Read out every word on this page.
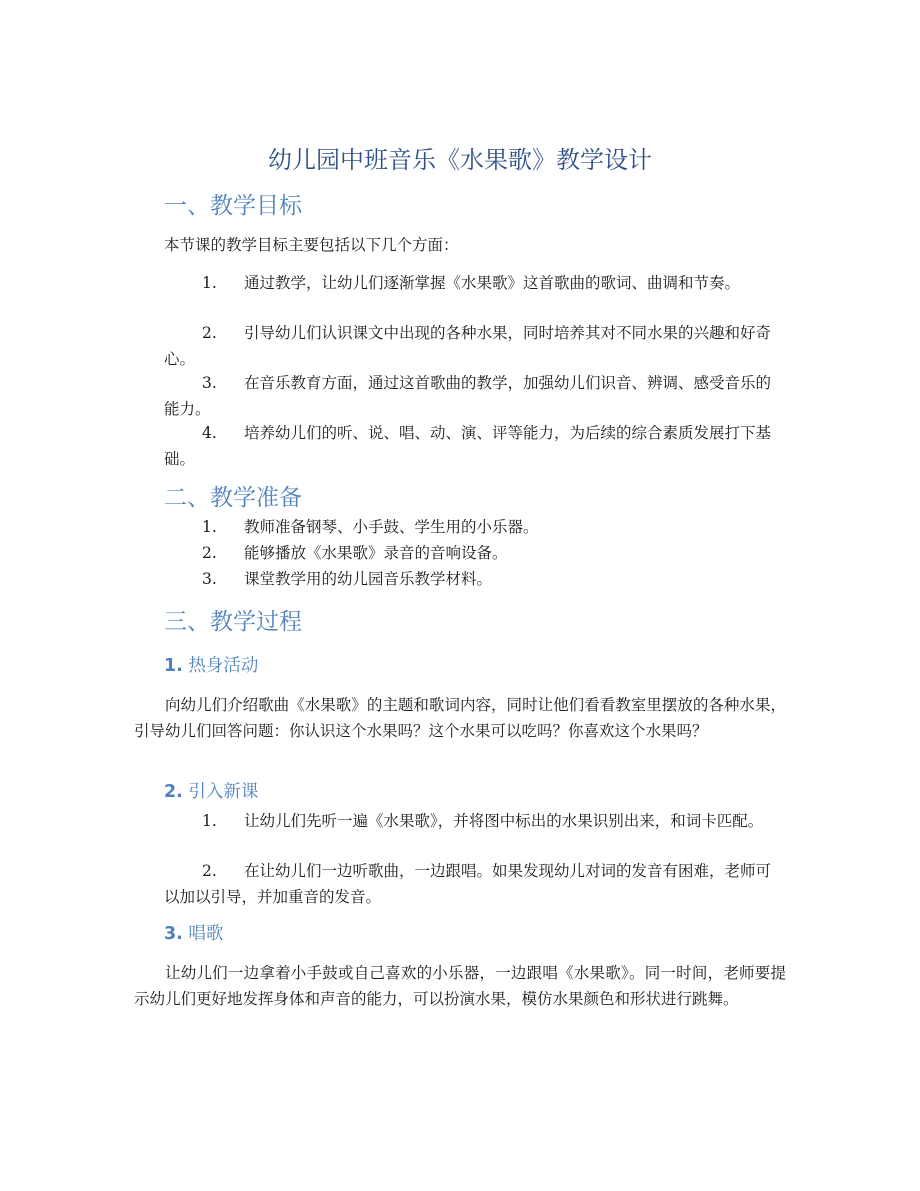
幼儿园中班音乐《水果歌》教学设计
一、教学目标
本节课的教学目标主要包括以下几个方面：
1. 通过教学，让幼儿们逐渐掌握《水果歌》这首歌曲的歌词、曲调和节奏。
2. 引导幼儿们认识课文中出现的各种水果，同时培养其对不同水果的兴趣和好奇心。
3. 在音乐教育方面，通过这首歌曲的教学，加强幼儿们识音、辨调、感受音乐的能力。
4. 培养幼儿们的听、说、唱、动、演、评等能力，为后续的综合素质发展打下基础。
二、教学准备
1. 教师准备钢琴、小手鼓、学生用的小乐器。
2. 能够播放《水果歌》录音的音响设备。
3. 课堂教学用的幼儿园音乐教学材料。
三、教学过程
1. 热身活动
向幼儿们介绍歌曲《水果歌》的主题和歌词内容，同时让他们看看教室里摆放的各种水果，引导幼儿们回答问题：你认识这个水果吗？这个水果可以吃吗？你喜欢这个水果吗？
2. 引入新课
1. 让幼儿们先听一遍《水果歌》，并将图中标出的水果识别出来，和词卡匹配。
2. 在让幼儿们一边听歌曲，一边跟唱。如果发现幼儿对词的发音有困难，老师可以加以引导，并加重音的发音。
3. 唱歌
让幼儿们一边拿着小手鼓或自己喜欢的小乐器，一边跟唱《水果歌》。同一时间，老师要提示幼儿们更好地发挥身体和声音的能力，可以扮演水果，模仿水果颜色和形状进行跳舞。
